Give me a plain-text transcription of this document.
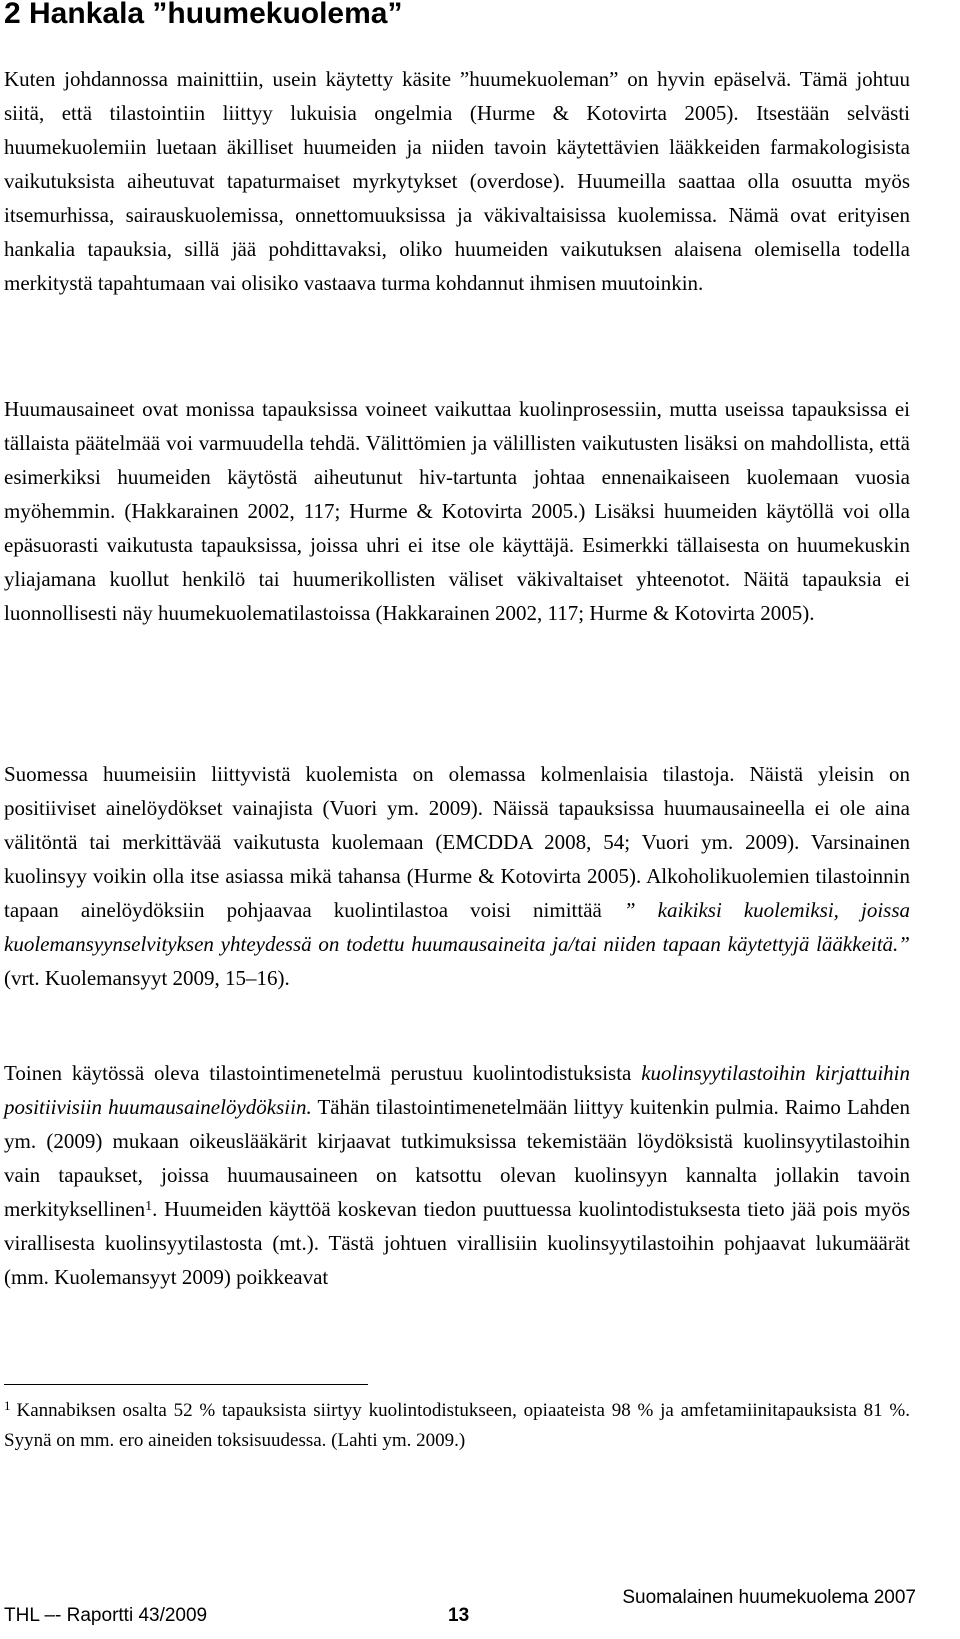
2 Hankala ”huumekuolema”

Kuten johdannossa mainittiin, usein käytetty käsite ”huumekuoleman” on hyvin epäselvä. Tämä johtuu siitä, että tilastointiin liittyy lukuisia ongelmia (Hurme & Kotovirta 2005). Itsestään selvästi huumekuolemiin luetaan äkilliset huumeiden ja niiden tavoin käytettävien lääkkeiden farmakologisista vaikutuksista aiheutuvat tapaturmaiset myrkytykset (overdose). Huumeilla saattaa olla osuutta myös itsemurhissa, sairauskuolemissa, onnettomuuksissa ja väkivaltaisissa kuolemissa. Nämä ovat erityisen hankalia tapauksia, sillä jää pohdittavaksi, oliko huumeiden vaikutuksen alaisena olemisella todella merkitystä tapahtumaan vai olisiko vastaava turma kohdannut ihmisen muutoinkin.

Huumausaineet ovat monissa tapauksissa voineet vaikuttaa kuolinprosessiin, mutta useissa tapauksissa ei tällaista päätelmää voi varmuudella tehdä. Välittömien ja välillisten vaikutusten lisäksi on mahdollista, että esimerkiksi huumeiden käytöstä aiheutunut hiv-tartunta johtaa ennenaikaiseen kuolemaan vuosia myöhemmin. (Hakkarainen 2002, 117; Hurme & Kotovirta 2005.) Lisäksi huumeiden käytöllä voi olla epäsuorasti vaikutusta tapauksissa, joissa uhri ei itse ole käyttäjä. Esimerkki tällaisesta on huumekuskin yliajamana kuollut henkilö tai huumerikollisten väliset väkivaltaiset yhteenotot. Näitä tapauksia ei luonnollisesti näy huumekuolematilastoissa (Hakkarainen 2002, 117; Hurme & Kotovirta 2005).

Suomessa huumeisiin liittyvistä kuolemista on olemassa kolmenlaisia tilastoja. Näistä yleisin on positiiviset ainelöydökset vainajista (Vuori ym. 2009). Näissä tapauksissa huumausaineella ei ole aina välitöntä tai merkittävää vaikutusta kuolemaan (EMCDDA 2008, 54; Vuori ym. 2009). Varsinainen kuolinsyy voikin olla itse asiassa mikä tahansa (Hurme & Kotovirta 2005). Alkoholikuolemien tilastoinnin tapaan ainelöydöksiin pohjaavaa kuolintilastoa voisi nimittää ” kaikiksi kuolemiksi, joissa kuolemansyynselvityksen yhteydessä on todettu huumausaineita ja/tai niiden tapaan käytettyjä lääkkeitä.” (vrt. Kuolemansyyt 2009, 15–16).

Toinen käytössä oleva tilastointimenetelmä perustuu kuolintodistuksista kuolinsyytilastoihin kirjattuihin positiivisiin huumausainelöydöksiin. Tähän tilastointimenetelmään liittyy kuitenkin pulmia. Raimo Lahden ym. (2009) mukaan oikeuslääkärit kirjaavat tutkimuksissa tekemistään löydöksistä kuolinsyytilastoihin vain tapaukset, joissa huumausaineen on katsottu olevan kuolinsyyn kannalta jollakin tavoin merkityksellinen$^1$. Huumeiden käyttöä koskevan tiedon puuttuessa kuolintodistuksesta tieto jää pois myös virallisesta kuolinsyytilastosta (mt.). Tästä johtuen virallisiin kuolinsyytilastoihin pohjaavat lukumäärät (mm. Kuolemansyyt 2009) poikkeavat

$^1$ Kannabiksen osalta 52 % tapauksista siirtyy kuolintodistukseen, opiaateista 98 % ja amfetamiinitapauksista 81 %. Syynä on mm. ero aineiden toksisuudessa. (Lahti ym. 2009.)

THL –- Raportti 43/2009	13
Suomalainen huumekuolema 2007
